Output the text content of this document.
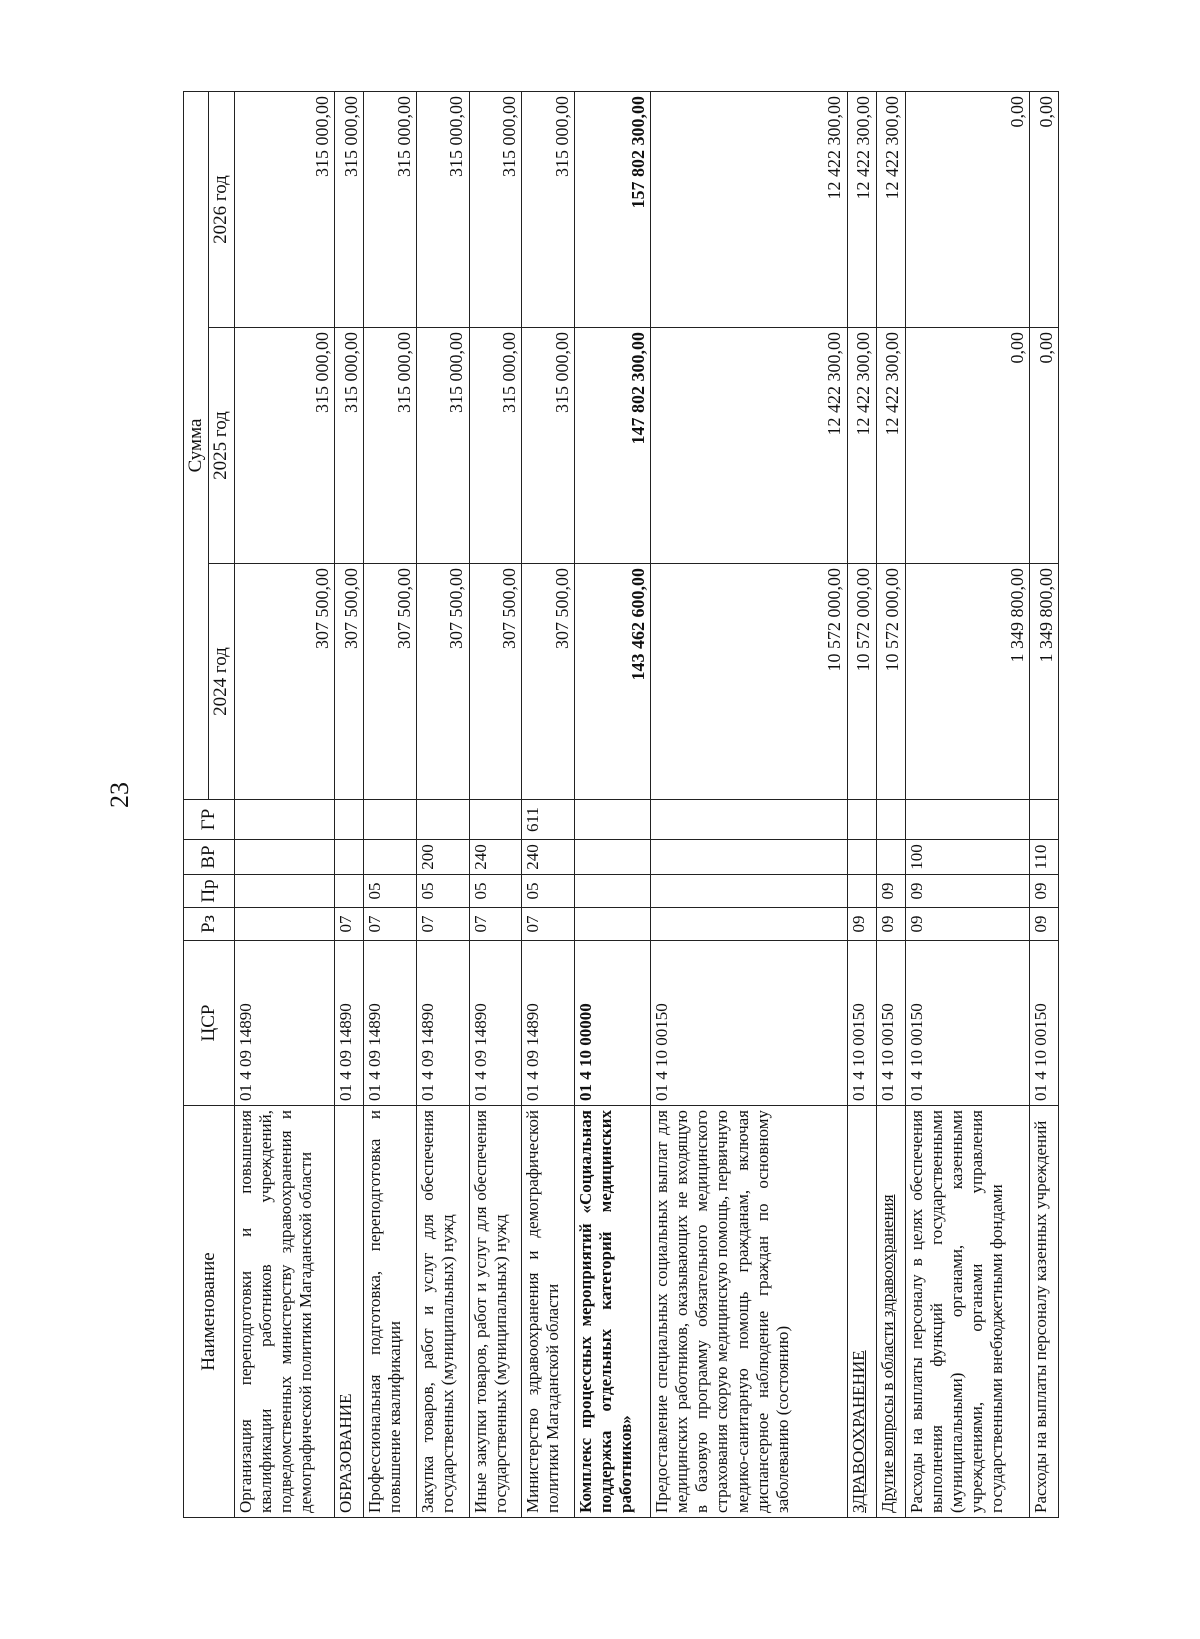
23
Наименование	ЦСР	Рз	Пр	ВР	ГР	Сумма		
						2024 год	2025 год	2026 год
Организация переподготовки и повышения квалификации работников учреждений, подведомственных министерству здравоохранения и демографической политики Магаданской области	01 4 09 14890					307 500,00	315 000,00	315 000,00
ОБРАЗОВАНИЕ	01 4 09 14890	07				307 500,00	315 000,00	315 000,00
Профессиональная подготовка, переподготовка и повышение квалификации	01 4 09 14890	07	05			307 500,00	315 000,00	315 000,00
Закупка товаров, работ и услуг для обеспечения государственных (муниципальных) нужд	01 4 09 14890	07	05	200		307 500,00	315 000,00	315 000,00
Иные закупки товаров, работ и услуг для обеспечения государственных (муниципальных) нужд	01 4 09 14890	07	05	240		307 500,00	315 000,00	315 000,00
Министерство здравоохранения и демографической политики Магаданской области	01 4 09 14890	07	05	240	611	307 500,00	315 000,00	315 000,00
Комплекс процессных мероприятий «Социальная поддержка отдельных категорий медицинских работников»	01 4 10 00000					143 462 600,00	147 802 300,00	157 802 300,00
Предоставление специальных социальных выплат для медицинских работников, оказывающих не входящую в базовую программу обязательного медицинского страхования скорую медицинскую помощь, первичную медико-санитарную помощь гражданам, включая диспансерное наблюдение граждан по основному заболеванию (состоянию)	01 4 10 00150					10 572 000,00	12 422 300,00	12 422 300,00
ЗДРАВООХРАНЕНИЕ	01 4 10 00150	09				10 572 000,00	12 422 300,00	12 422 300,00
Другие вопросы в области здравоохранения	01 4 10 00150	09	09			10 572 000,00	12 422 300,00	12 422 300,00
Расходы на выплаты персоналу в целях обеспечения выполнения функций государственными (муниципальными) органами, казенными учреждениями, органами управления государственными внебюджетными фондами	01 4 10 00150	09	09	100		1 349 800,00	0,00	0,00
Расходы на выплаты персоналу казенных учреждений	01 4 10 00150	09	09	110		1 349 800,00	0,00	0,00
